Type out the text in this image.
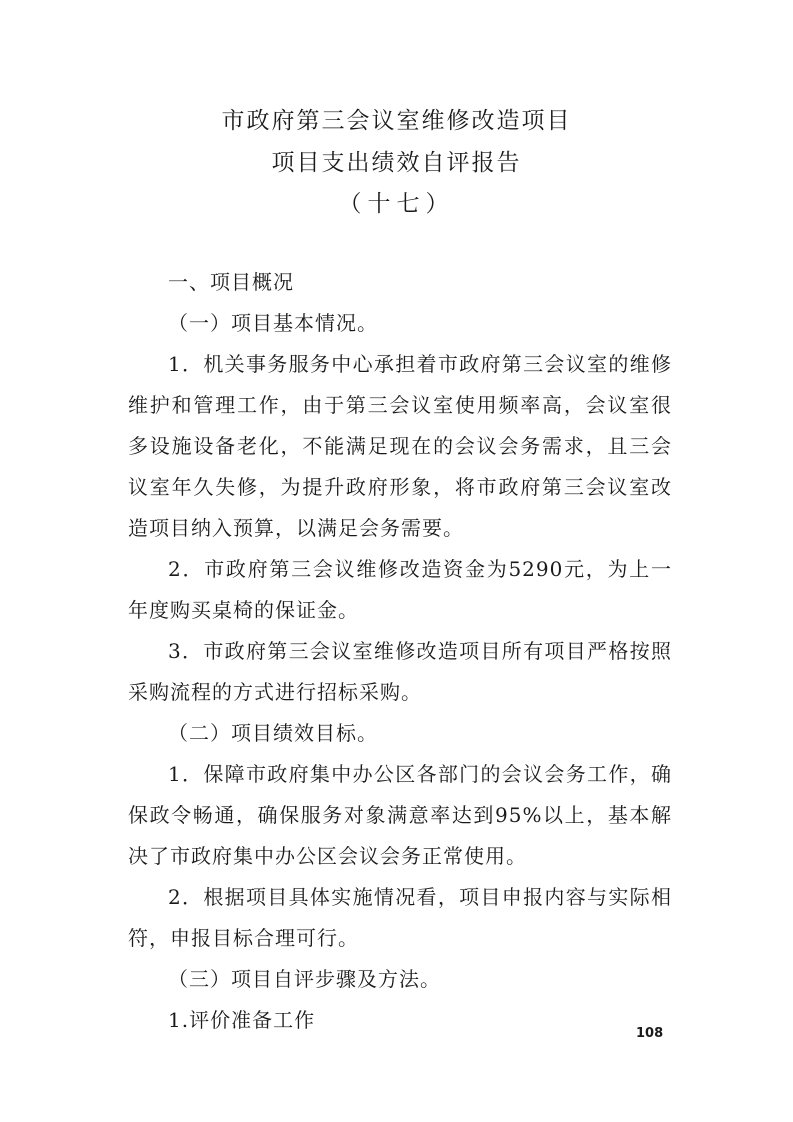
市政府第三会议室维修改造项目
项目支出绩效自评报告
（十七）

一、项目概况

（一）项目基本情况。

1．机关事务服务中心承担着市政府第三会议室的维修维护和管理工作，由于第三会议室使用频率高，会议室很多设施设备老化，不能满足现在的会议会务需求，且三会议室年久失修，为提升政府形象，将市政府第三会议室改造项目纳入预算，以满足会务需要。

2．市政府第三会议维修改造资金为5290元，为上一年度购买桌椅的保证金。

3．市政府第三会议室维修改造项目所有项目严格按照采购流程的方式进行招标采购。

（二）项目绩效目标。

1．保障市政府集中办公区各部门的会议会务工作，确保政令畅通，确保服务对象满意率达到95%以上，基本解决了市政府集中办公区会议会务正常使用。

2．根据项目具体实施情况看，项目申报内容与实际相符，申报目标合理可行。

（三）项目自评步骤及方法。

1.评价准备工作

108
